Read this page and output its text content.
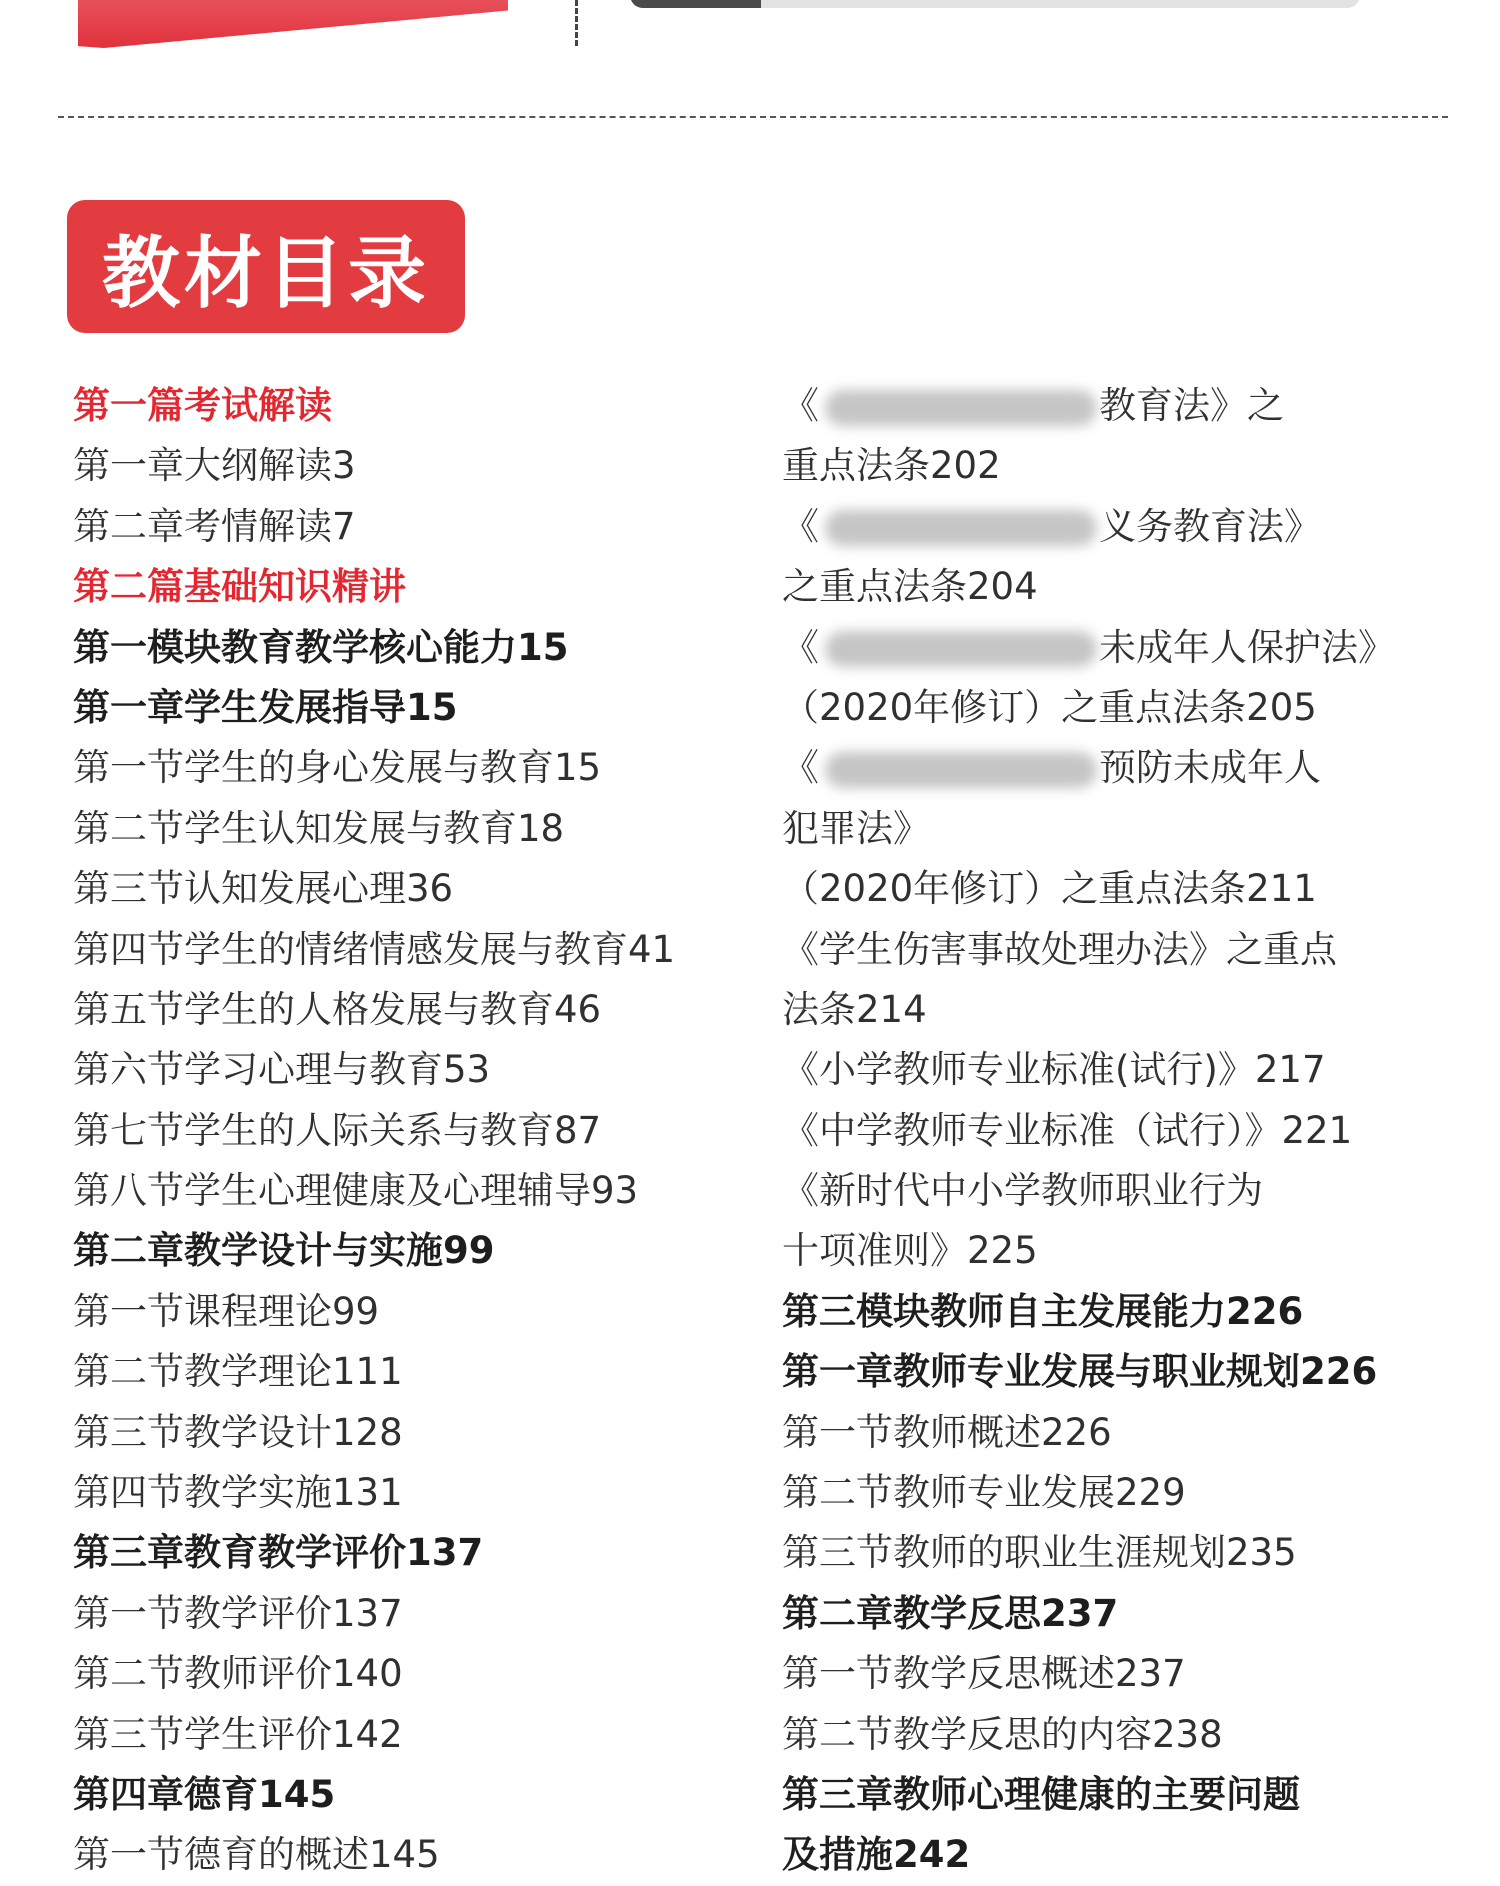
教材目录
第一篇考试解读
第一章大纲解读3
第二章考情解读7
第二篇基础知识精讲
第一模块教育教学核心能力15
第一章学生发展指导15
第一节学生的身心发展与教育15
第二节学生认知发展与教育18
第三节认知发展心理36
第四节学生的情绪情感发展与教育41
第五节学生的人格发展与教育46
第六节学习心理与教育53
第七节学生的人际关系与教育87
第八节学生心理健康及心理辅导93
第二章教学设计与实施99
第一节课程理论99
第二节教学理论111
第三节教学设计128
第四节教学实施131
第三章教育教学评价137
第一节教学评价137
第二节教师评价140
第三节学生评价142
第四章德育145
第一节德育的概述145
《	教育法》之
重点法条202
《	义务教育法》
之重点法条204
《	未成年人保护法》
（2020年修订）之重点法条205
《	预防未成年人
犯罪法》
（2020年修订）之重点法条211
《学生伤害事故处理办法》之重点
法条214
《小学教师专业标准(试行)》217
《中学教师专业标准（试行）》221
《新时代中小学教师职业行为
十项准则》225
第三模块教师自主发展能力226
第一章教师专业发展与职业规划226
第一节教师概述226
第二节教师专业发展229
第三节教师的职业生涯规划235
第二章教学反思237
第一节教学反思概述237
第二节教学反思的内容238
第三章教师心理健康的主要问题
及措施242
